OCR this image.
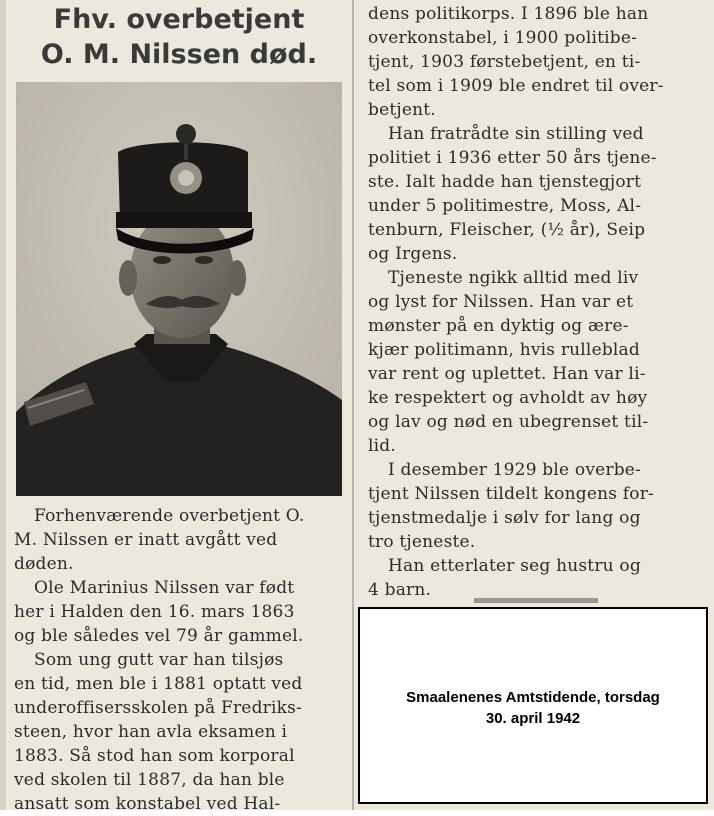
Fhv. overbetjent
O. M. Nilssen død.
Forhenværende overbetjent O.
M. Nilssen er inatt avgått ved
døden.
Ole Marinius Nilssen var født
her i Halden den 16. mars 1863
og ble således vel 79 år gammel.
Som ung gutt var han tilsjøs
en tid, men ble i 1881 optatt ved
underoffisersskolen på Fredriks-
steen, hvor han avla eksamen i
1883. Så stod han som korporal
ved skolen til 1887, da han ble
ansatt som konstabel ved Hal-
dens politikorps. I 1896 ble han
overkonstabel, i 1900 politibe-
tjent, 1903 førstebetjent, en ti-
tel som i 1909 ble endret til over-
betjent.
Han fratrådte sin stilling ved
politiet i 1936 etter 50 års tjene-
ste. Ialt hadde han tjenstegjort
under 5 politimestre, Moss, Al-
tenburn, Fleischer, (½ år), Seip
og Irgens.
Tjeneste ngikk alltid med liv
og lyst for Nilssen. Han var et
mønster på en dyktig og ære-
kjær politimann, hvis rulleblad
var rent og uplettet. Han var li-
ke respektert og avholdt av høy
og lav og nød en ubegrenset til-
lid.
I desember 1929 ble overbe-
tjent Nilssen tildelt kongens for-
tjenstmedalje i sølv for lang og
tro tjeneste.
Han etterlater seg hustru og
4 barn.
Smaalenenes Amtstidende, torsdag
30. april 1942
